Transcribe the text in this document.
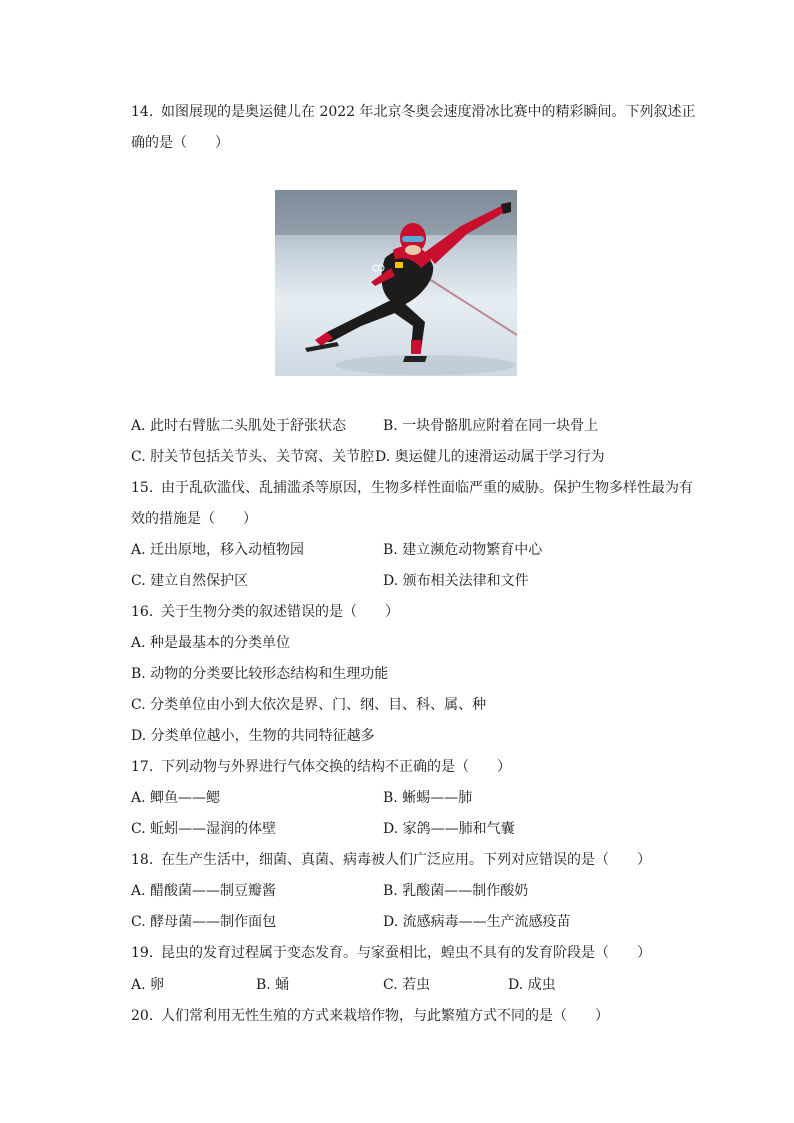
14. 如图展现的是奥运健儿在 2022 年北京冬奥会速度滑冰比赛中的精彩瞬间。下列叙述正
确的是（　　）
A. 此时右臂肱二头肌处于舒张状态	B. 一块骨骼肌应附着在同一块骨上
C. 肘关节包括关节头、关节窝、关节腔 D. 奥运健儿的速滑运动属于学习行为
15. 由于乱砍滥伐、乱捕滥杀等原因，生物多样性面临严重的威胁。保护生物多样性最为有
效的措施是（　　）
A. 迁出原地，移入动植物园	B. 建立濒危动物繁育中心
C. 建立自然保护区	D. 颁布相关法律和文件
16. 关于生物分类的叙述错误的是（　　）
A. 种是最基本的分类单位
B. 动物的分类要比较形态结构和生理功能
C. 分类单位由小到大依次是界、门、纲、目、科、属、种
D. 分类单位越小，生物的共同特征越多
17. 下列动物与外界进行气体交换的结构不正确的是（　　）
A. 鲫鱼——鳃	B. 蜥蜴——肺
C. 蚯蚓——湿润的体壁	D. 家鸽——肺和气囊
18. 在生产生活中，细菌、真菌、病毒被人们广泛应用。下列对应错误的是（　　）
A. 醋酸菌——制豆瓣酱	B. 乳酸菌——制作酸奶
C. 酵母菌——制作面包	D. 流感病毒——生产流感疫苗
19. 昆虫的发育过程属于变态发育。与家蚕相比，蝗虫不具有的发育阶段是（　　）
A. 卵	B. 蛹	C. 若虫	D. 成虫
20. 人们常利用无性生殖的方式来栽培作物，与此繁殖方式不同的是（　　）
